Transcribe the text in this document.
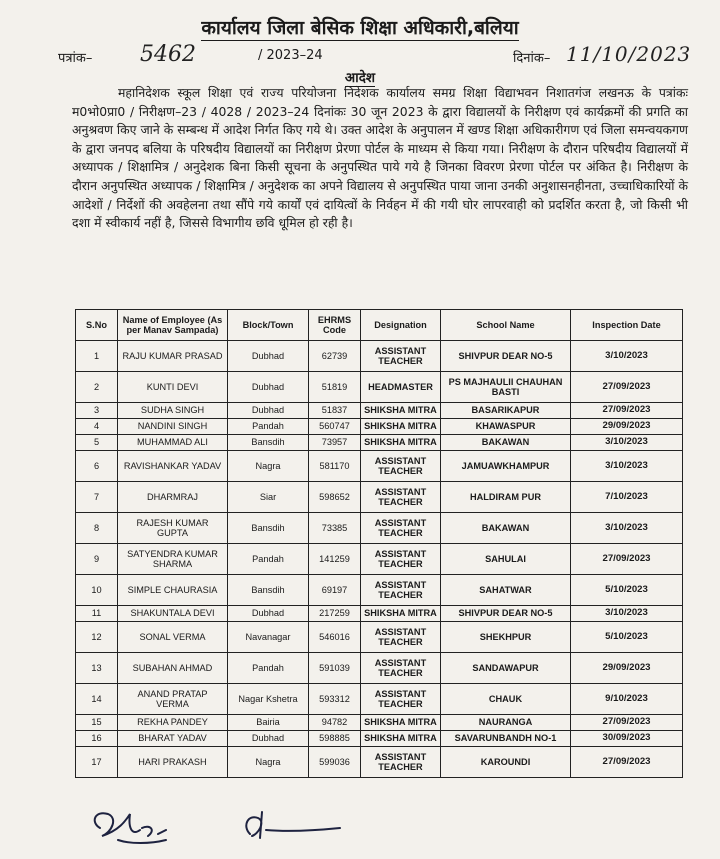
कार्यालय जिला बेसिक शिक्षा अधिकारी,बलिया
पत्रांक– 5462	/ 2023–24	दिनांक– 11/10/2023
आदेश

महानिदेशक स्कूल शिक्षा एवं राज्य परियोजना निदेशक कार्यालय समग्र शिक्षा विद्याभवन निशातगंज लखनऊ के पत्रांकः म0भो0प्रा0 / निरीक्षण–23 / 4028 / 2023–24 दिनांकः 30 जून 2023 के द्वारा विद्यालयों के निरीक्षण एवं कार्यक्रमों की प्रगति का अनुश्रवण किए जाने के सम्बन्ध में आदेश निर्गत किए गये थे। उक्त आदेश के अनुपालन में खण्ड शिक्षा अधिकारीगण एवं जिला समन्वयकगण के द्वारा जनपद बलिया के परिषदीय विद्यालयों का निरीक्षण प्रेरणा पोर्टल के माध्यम से किया गया। निरीक्षण के दौरान परिषदीय विद्यालयों में अध्यापक / शिक्षामित्र / अनुदेशक बिना किसी सूचना के अनुपस्थित पाये गये है जिनका विवरण प्रेरणा पोर्टल पर अंकित है। निरीक्षण के दौरान अनुपस्थित अध्यापक / शिक्षामित्र / अनुदेशक का अपने विद्यालय से अनुपस्थित पाया जाना उनकी अनुशासनहीनता, उच्चाधिकारियों के आदेशों / निर्देशों की अवहेलना तथा सौंपे गये कार्यों एवं दायित्वों के निर्वहन में की गयी घोर लापरवाही को प्रदर्शित करता है, जो किसी भी दशा में स्वीकार्य नहीं है, जिससे विभागीय छवि धूमिल हो रही है।

S.No	Name of Employee (As per Manav Sampada)	Block/Town	EHRMS Code	Designation	School Name	Inspection Date
1	RAJU KUMAR PRASAD	Dubhad	62739	ASSISTANT TEACHER	SHIVPUR DEAR NO-5	3/10/2023
2	KUNTI DEVI	Dubhad	51819	HEADMASTER	PS MAJHAULII CHAUHAN BASTI	27/09/2023
3	SUDHA SINGH	Dubhad	51837	SHIKSHA MITRA	BASARIKAPUR	27/09/2023
4	NANDINI SINGH	Pandah	560747	SHIKSHA MITRA	KHAWASPUR	29/09/2023
5	MUHAMMAD ALI	Bansdih	73957	SHIKSHA MITRA	BAKAWAN	3/10/2023
6	RAVISHANKAR YADAV	Nagra	581170	ASSISTANT TEACHER	JAMUAWKHAMPUR	3/10/2023
7	DHARMRAJ	Siar	598652	ASSISTANT TEACHER	HALDIRAM PUR	7/10/2023
8	RAJESH KUMAR GUPTA	Bansdih	73385	ASSISTANT TEACHER	BAKAWAN	3/10/2023
9	SATYENDRA KUMAR SHARMA	Pandah	141259	ASSISTANT TEACHER	SAHULAI	27/09/2023
10	SIMPLE CHAURASIA	Bansdih	69197	ASSISTANT TEACHER	SAHATWAR	5/10/2023
11	SHAKUNTALA DEVI	Dubhad	217259	SHIKSHA MITRA	SHIVPUR DEAR NO-5	3/10/2023
12	SONAL VERMA	Navanagar	546016	ASSISTANT TEACHER	SHEKHPUR	5/10/2023
13	SUBAHAN AHMAD	Pandah	591039	ASSISTANT TEACHER	SANDAWAPUR	29/09/2023
14	ANAND PRATAP VERMA	Nagar Kshetra	593312	ASSISTANT TEACHER	CHAUK	9/10/2023
15	REKHA PANDEY	Bairia	94782	SHIKSHA MITRA	NAURANGA	27/09/2023
16	BHARAT YADAV	Dubhad	598885	SHIKSHA MITRA	SAVARUNBANDH NO-1	30/09/2023
17	HARI PRAKASH	Nagra	599036	ASSISTANT TEACHER	KAROUNDI	27/09/2023
